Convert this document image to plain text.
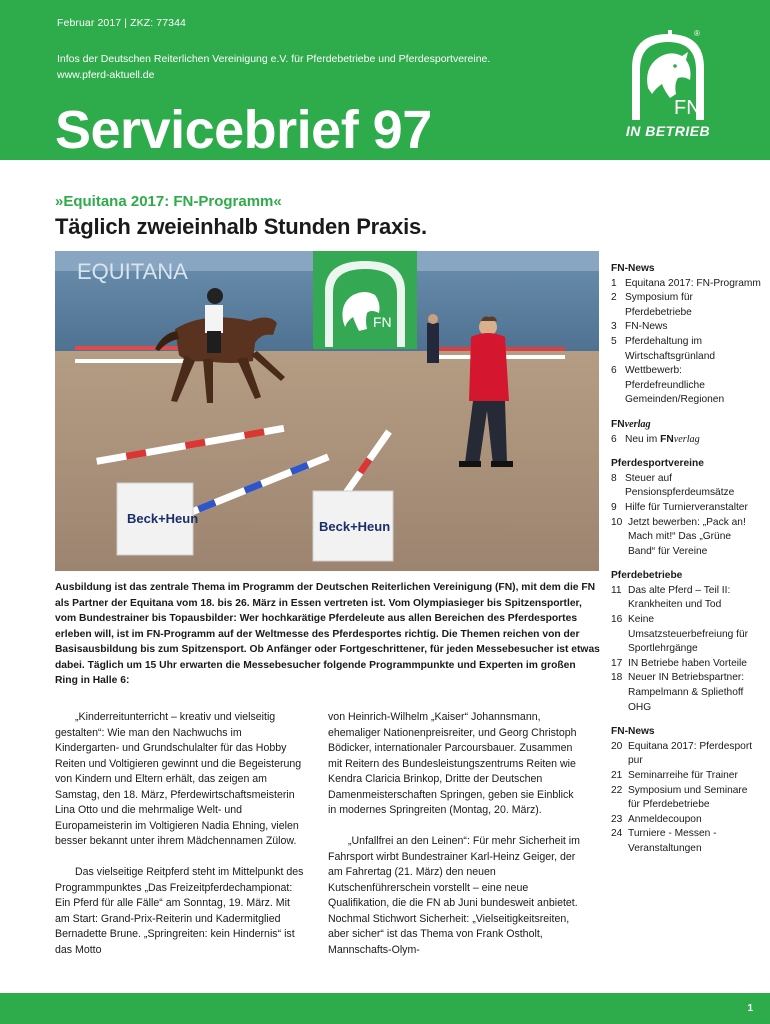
Februar 2017 | ZKZ: 77344
Infos der Deutschen Reiterlichen Vereinigung e.V. für Pferdebetriebe und Pferdesportvereine.
www.pferd-aktuell.de
Servicebrief 97
®
FN
IN BETRIEB
»Equitana 2017: FN-Programm«
Täglich zweieinhalb Stunden Praxis.
EQUITANA
FN
Beck+Heun
Beck+Heun
Ausbildung ist das zentrale Thema im Programm der Deutschen Reiterlichen Vereinigung (FN), mit dem die FN als Partner der Equitana vom 18. bis 26. März in Essen vertreten ist. Vom Olympiasieger bis Spitzensportler, vom Bundestrainer bis Topausbilder: Wer hochkarätige Pferdeleute aus allen Bereichen des Pferdesportes erleben will, ist im FN-Programm auf der Weltmesse des Pferdesportes richtig. Die Themen reichen von der Basisausbildung bis zum Spitzensport. Ob Anfänger oder Fortgeschrittener, für jeden Messebesucher ist etwas dabei. Täglich um 15 Uhr erwarten die Messebesucher folgende Programmpunkte und Experten im großen Ring in Halle 6:

„Kinderreitunterricht – kreativ und vielseitig gestalten“: Wie man den Nachwuchs im Kindergarten- und Grundschulalter für das Hobby Reiten und Voltigieren gewinnt und die Begeisterung von Kindern und Eltern erhält, das zeigen am Samstag, den 18. März, Pferdewirtschaftsmeisterin Lina Otto und die mehrmalige Welt- und Europameisterin im Voltigieren Nadia Ehning, vielen besser bekannt unter ihrem Mädchennamen Zülow.

Das vielseitige Reitpferd steht im Mittelpunkt des Programmpunktes „Das Freizeitpferdechampionat: Ein Pferd für alle Fälle“ am Sonntag, 19. März. Mit am Start: Grand-Prix-Reiterin und Kadermitglied Bernadette Brune. „Springreiten: kein Hindernis“ ist das Motto

von Heinrich-Wilhelm „Kaiser“ Johannsmann, ehemaliger Nationenpreisreiter, und Georg Christoph Bödicker, internationaler Parcoursbauer. Zusammen mit Reitern des Bundesleistungszentrums Reiten wie Kendra Claricia Brinkop, Dritte der Deutschen Damenmeisterschaften Springen, geben sie Einblick in modernes Springreiten (Montag, 20. März).

„Unfallfrei an den Leinen“: Für mehr Sicherheit im Fahrsport wirbt Bundestrainer Karl-Heinz Geiger, der am Fahrertag (21. März) den neuen Kutschenführerschein vorstellt – eine neue Qualifikation, die die FN ab Juni bundesweit anbietet. Nochmal Stichwort Sicherheit: „Vielseitigkeitsreiten, aber sicher“ ist das Thema von Frank Ostholt, Mannschafts-Olym-

FN-News
1 Equitana 2017: FN-Programm
2 Symposium für Pferdebetriebe
3 FN-News
5 Pferdehaltung im Wirtschaftsgrünland
6 Wettbewerb: Pferdefreundliche Gemeinden/Regionen
FNverlag
6 Neu im FNverlag
Pferdesportvereine
8 Steuer auf Pensionspferdeumsätze
9 Hilfe für Turnierveranstalter
10 Jetzt bewerben: „Pack an! Mach mit!“ Das „Grüne Band“ für Vereine
Pferdebetriebe
11 Das alte Pferd – Teil II: Krankheiten und Tod
16 Keine Umsatzsteuerbefreiung für Sportlehrgänge
17 IN Betriebe haben Vorteile
18 Neuer IN Betriebspartner: Rampelmann & Spliethoff OHG
FN-News
20 Equitana 2017: Pferdesport pur
21 Seminarreihe für Trainer
22 Symposium und Seminare für Pferdebetriebe
23 Anmeldecoupon
24 Turniere - Messen - Veranstaltungen
1
